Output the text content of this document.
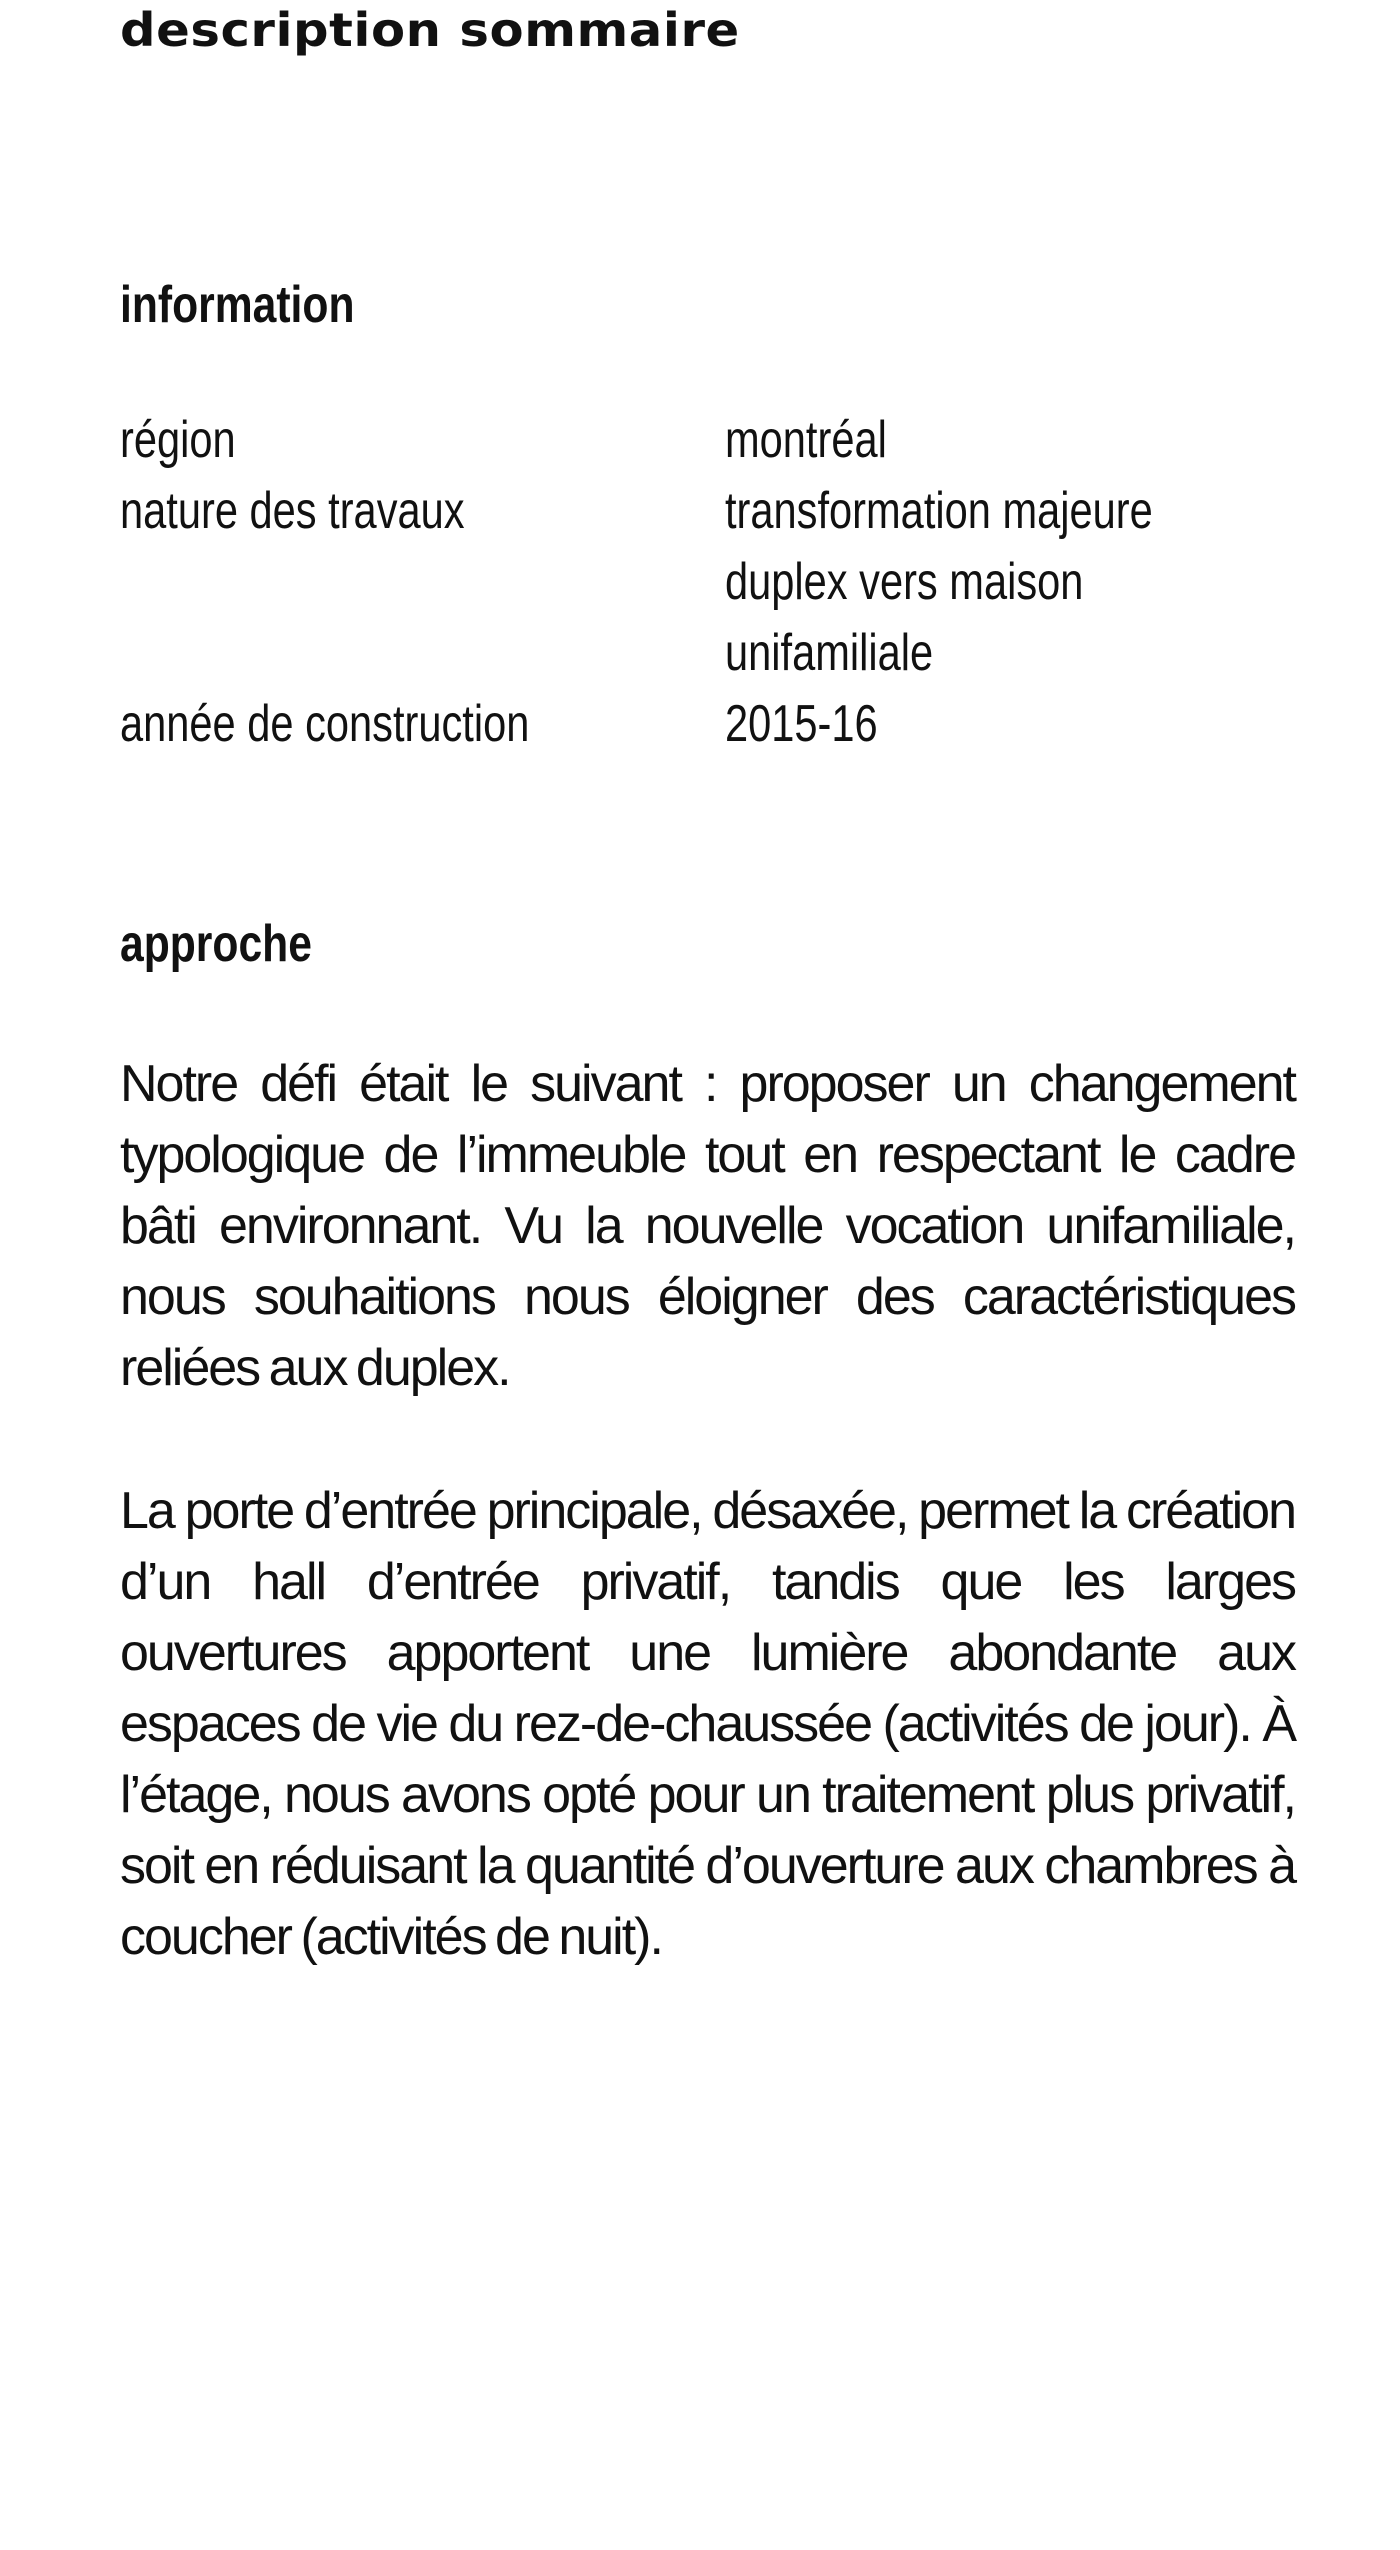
description sommaire
information
région	montréal

nature des travaux	transformation majeure
duplex vers maison
unifamiliale

année de construction	2015-16
approche

Notre défi était le suivant : proposer un changement typologique de l’immeuble tout en respectant le cadre bâti environnant. Vu la nouvelle vocation unifamiliale, nous souhaitions nous éloigner des caractéristiques reliées aux duplex.

La porte d’entrée principale, désaxée, permet la création d’un hall d’entrée privatif, tandis que les larges ouvertures apportent une lumière abondante aux espaces de vie du rez-de-chaussée (activités de jour). À l’étage, nous avons opté pour un traitement plus privatif, soit en réduisant la quantité d’ouverture aux chambres à coucher (activités de nuit).
